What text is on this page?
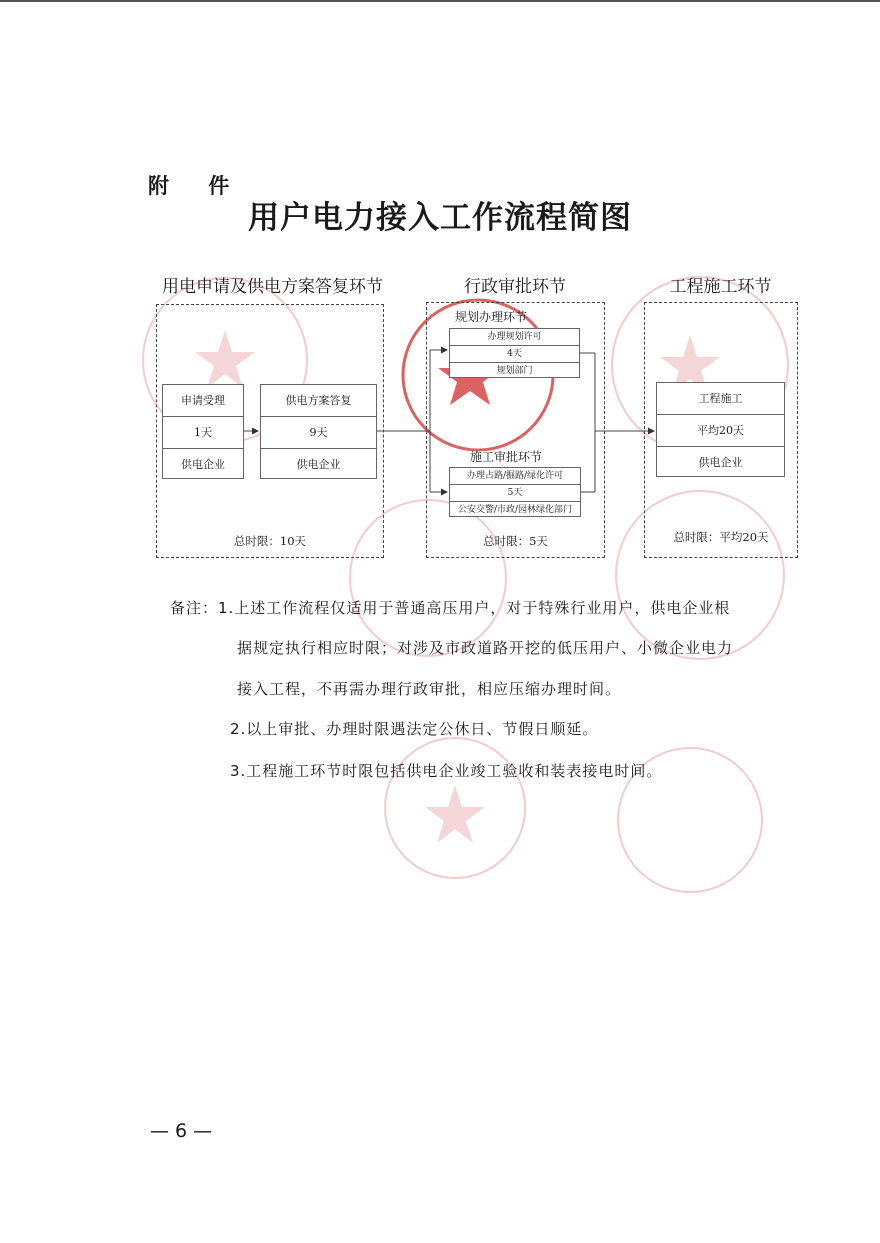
附 件
用户电力接入工作流程简图
用电申请及供电方案答复环节	行政审批环节	工程施工环节
申请受理
1天
供电企业
供电方案答复
9天
供电企业
总时限：10天
规划办理环节
办理规划许可
4天
规划部门
施工审批环节
办理占路/掘路/绿化许可
5天
公安交警/市政/园林绿化部门
总时限：5天
工程施工
平均20天
供电企业
总时限：平均20天
备注：1.上述工作流程仅适用于普通高压用户，对于特殊行业用户，供电企业根
据规定执行相应时限；对涉及市政道路开挖的低压用户、小微企业电力
接入工程，不再需办理行政审批，相应压缩办理时间。
2.以上审批、办理时限遇法定公休日、节假日顺延。
3.工程施工环节时限包括供电企业竣工验收和装表接电时间。
— 6 —
